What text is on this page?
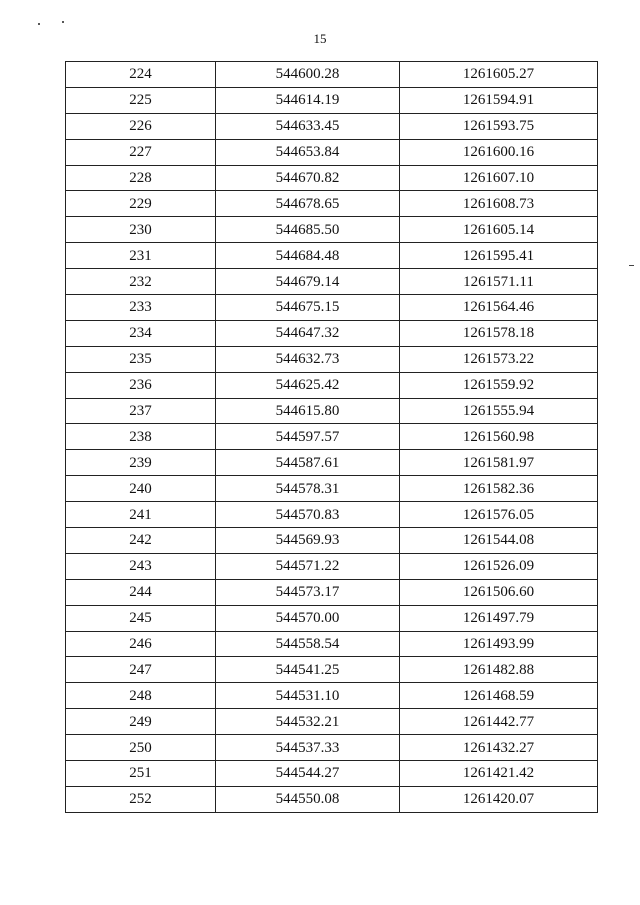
15
224	544600.28	1261605.27
225	544614.19	1261594.91
226	544633.45	1261593.75
227	544653.84	1261600.16
228	544670.82	1261607.10
229	544678.65	1261608.73
230	544685.50	1261605.14
231	544684.48	1261595.41
232	544679.14	1261571.11
233	544675.15	1261564.46
234	544647.32	1261578.18
235	544632.73	1261573.22
236	544625.42	1261559.92
237	544615.80	1261555.94
238	544597.57	1261560.98
239	544587.61	1261581.97
240	544578.31	1261582.36
241	544570.83	1261576.05
242	544569.93	1261544.08
243	544571.22	1261526.09
244	544573.17	1261506.60
245	544570.00	1261497.79
246	544558.54	1261493.99
247	544541.25	1261482.88
248	544531.10	1261468.59
249	544532.21	1261442.77
250	544537.33	1261432.27
251	544544.27	1261421.42
252	544550.08	1261420.07
